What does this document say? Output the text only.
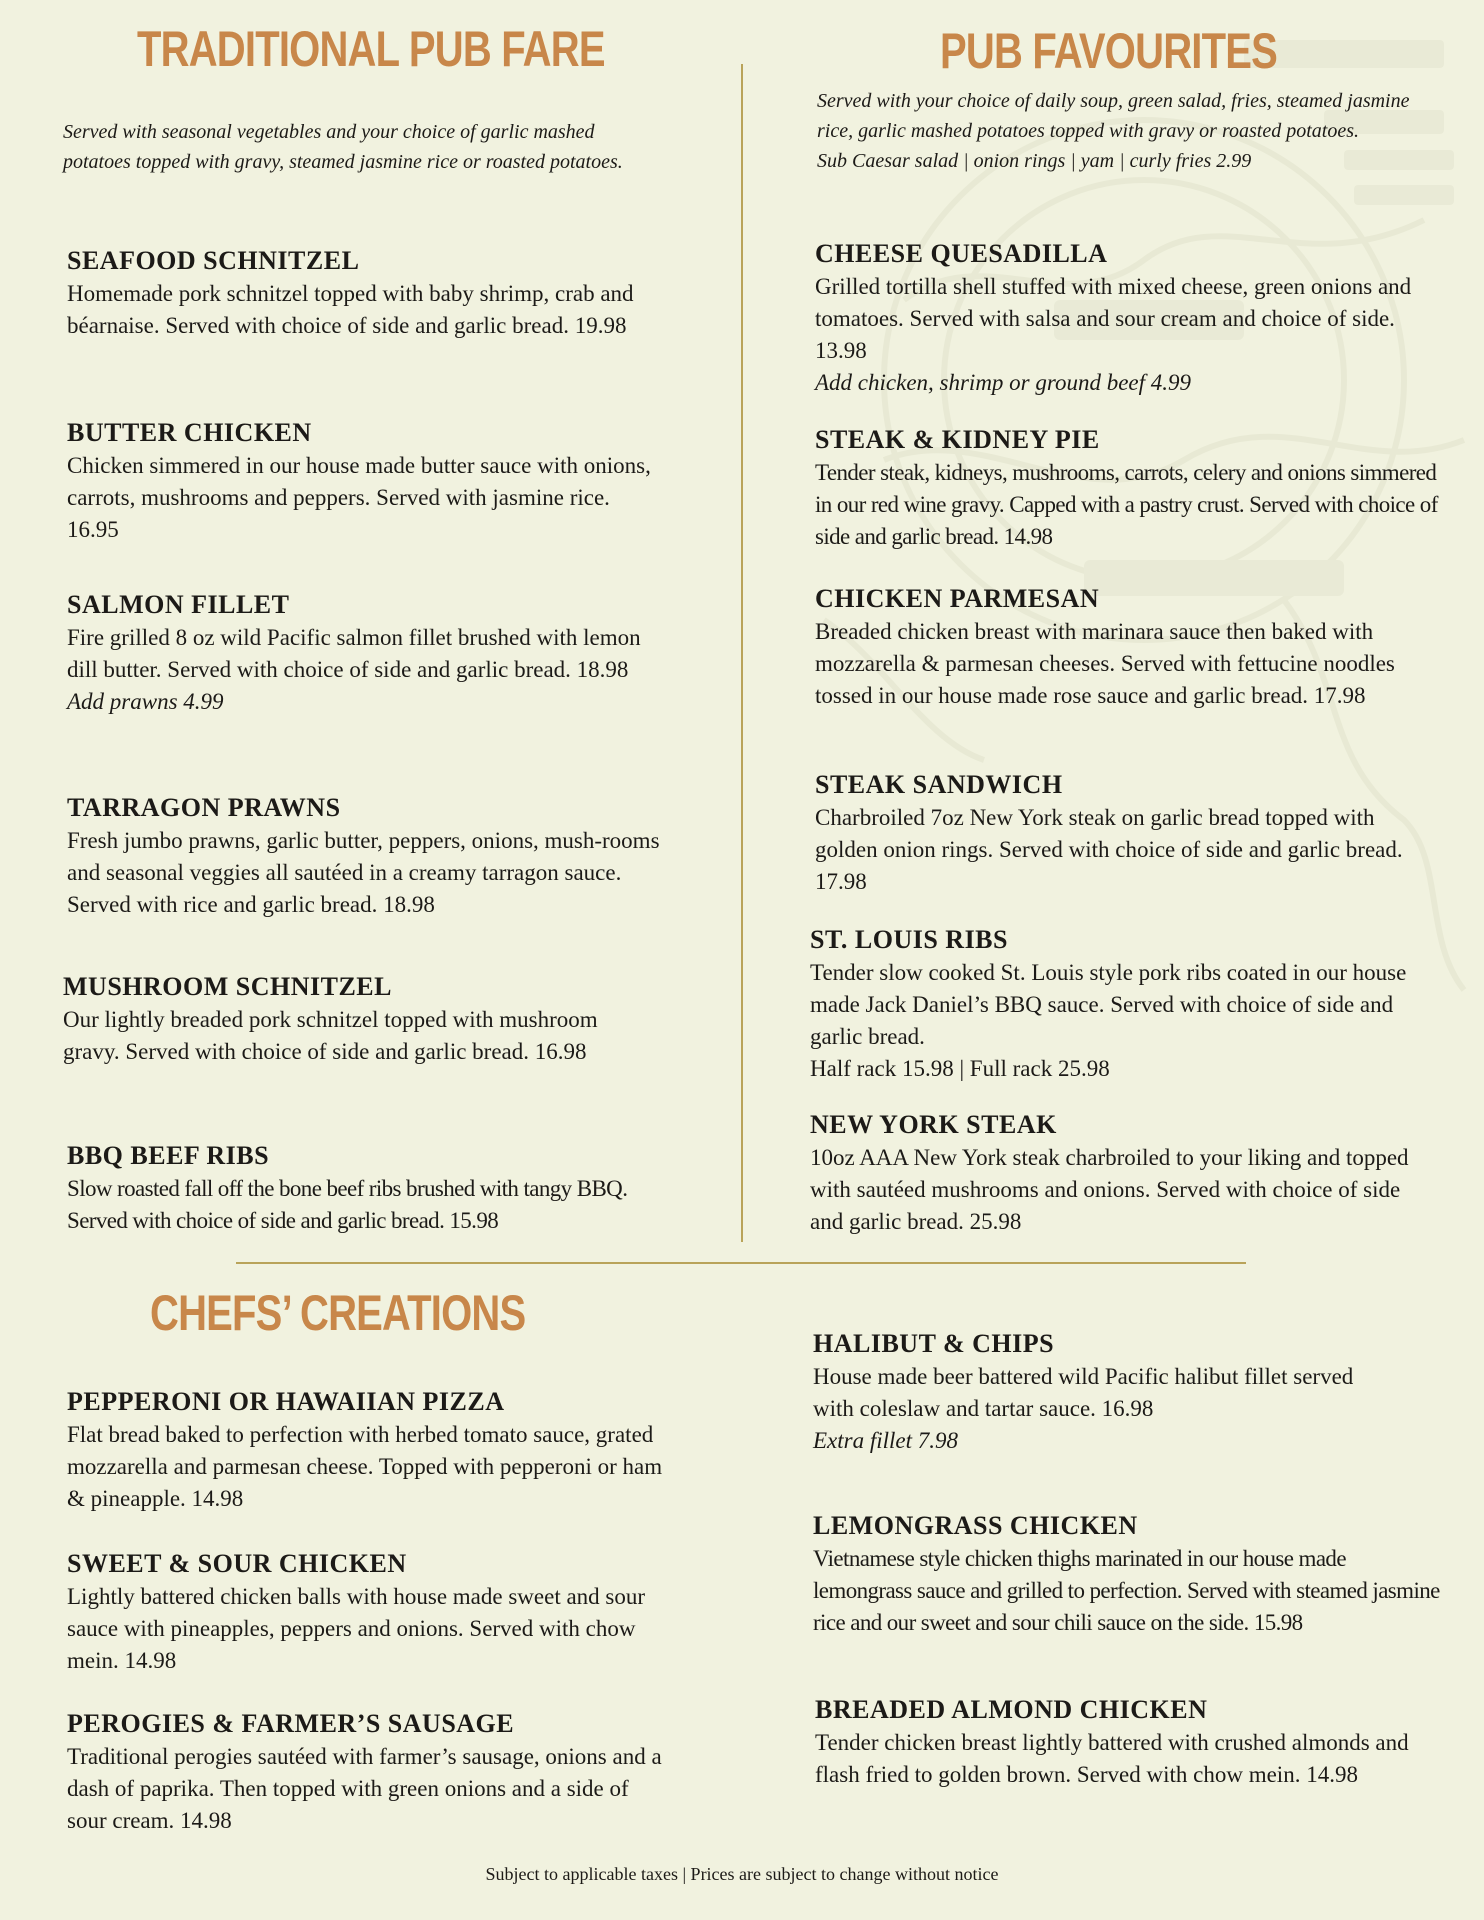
TRADITIONAL PUB FARE

Served with seasonal vegetables and your choice of garlic mashed potatoes topped with gravy, steamed jasmine rice or roasted potatoes.

SEAFOOD SCHNITZEL

Homemade pork schnitzel topped with baby shrimp, crab and béarnaise. Served with choice of side and garlic bread. 19.98

BUTTER CHICKEN

Chicken simmered in our house made butter sauce with onions, carrots, mushrooms and peppers. Served with jasmine rice. 16.95

SALMON FILLET

Fire grilled 8 oz wild Pacific salmon fillet brushed with lemon dill butter. Served with choice of side and garlic bread. 18.98

Add prawns 4.99

TARRAGON PRAWNS

Fresh jumbo prawns, garlic butter, peppers, onions, mush-rooms and seasonal veggies all sautéed in a creamy tarragon sauce. Served with rice and garlic bread. 18.98

MUSHROOM SCHNITZEL

Our lightly breaded pork schnitzel topped with mushroom gravy. Served with choice of side and garlic bread. 16.98

BBQ BEEF RIBS

Slow roasted fall off the bone beef ribs brushed with tangy BBQ. Served with choice of side and garlic bread. 15.98

PUB FAVOURITES

Served with your choice of daily soup, green salad, fries, steamed jasmine rice, garlic mashed potatoes topped with gravy or roasted potatoes.

Sub Caesar salad | onion rings | yam | curly fries 2.99

CHEESE QUESADILLA

Grilled tortilla shell stuffed with mixed cheese, green onions and tomatoes. Served with salsa and sour cream and choice of side. 13.98

Add chicken, shrimp or ground beef 4.99

STEAK & KIDNEY PIE

Tender steak, kidneys, mushrooms, carrots, celery and onions simmered in our red wine gravy. Capped with a pastry crust. Served with choice of side and garlic bread. 14.98

CHICKEN PARMESAN

Breaded chicken breast with marinara sauce then baked with mozzarella & parmesan cheeses. Served with fettucine noodles tossed in our house made rose sauce and garlic bread. 17.98

STEAK SANDWICH

Charbroiled 7oz New York steak on garlic bread topped with golden onion rings. Served with choice of side and garlic bread. 17.98

ST. LOUIS RIBS

Tender slow cooked St. Louis style pork ribs coated in our house made Jack Daniel’s BBQ sauce. Served with choice of side and garlic bread.

Half rack 15.98 | Full rack 25.98

NEW YORK STEAK

10oz AAA New York steak charbroiled to your liking and topped with sautéed mushrooms and onions. Served with choice of side and garlic bread. 25.98

CHEFS’ CREATIONS

PEPPERONI OR HAWAIIAN PIZZA

Flat bread baked to perfection with herbed tomato sauce, grated mozzarella and parmesan cheese. Topped with pepperoni or ham & pineapple. 14.98

SWEET & SOUR CHICKEN

Lightly battered chicken balls with house made sweet and sour sauce with pineapples, peppers and onions. Served with chow mein. 14.98

PEROGIES & FARMER’S SAUSAGE

Traditional perogies sautéed with farmer’s sausage, onions and a dash of paprika. Then topped with green onions and a side of sour cream. 14.98

HALIBUT & CHIPS

House made beer battered wild Pacific halibut fillet served with coleslaw and tartar sauce. 16.98

Extra fillet 7.98

LEMONGRASS CHICKEN

Vietnamese style chicken thighs marinated in our house made lemongrass sauce and grilled to perfection. Served with steamed jasmine rice and our sweet and sour chili sauce on the side. 15.98

BREADED ALMOND CHICKEN

Tender chicken breast lightly battered with crushed almonds and flash fried to golden brown. Served with chow mein. 14.98

Subject to applicable taxes | Prices are subject to change without notice
